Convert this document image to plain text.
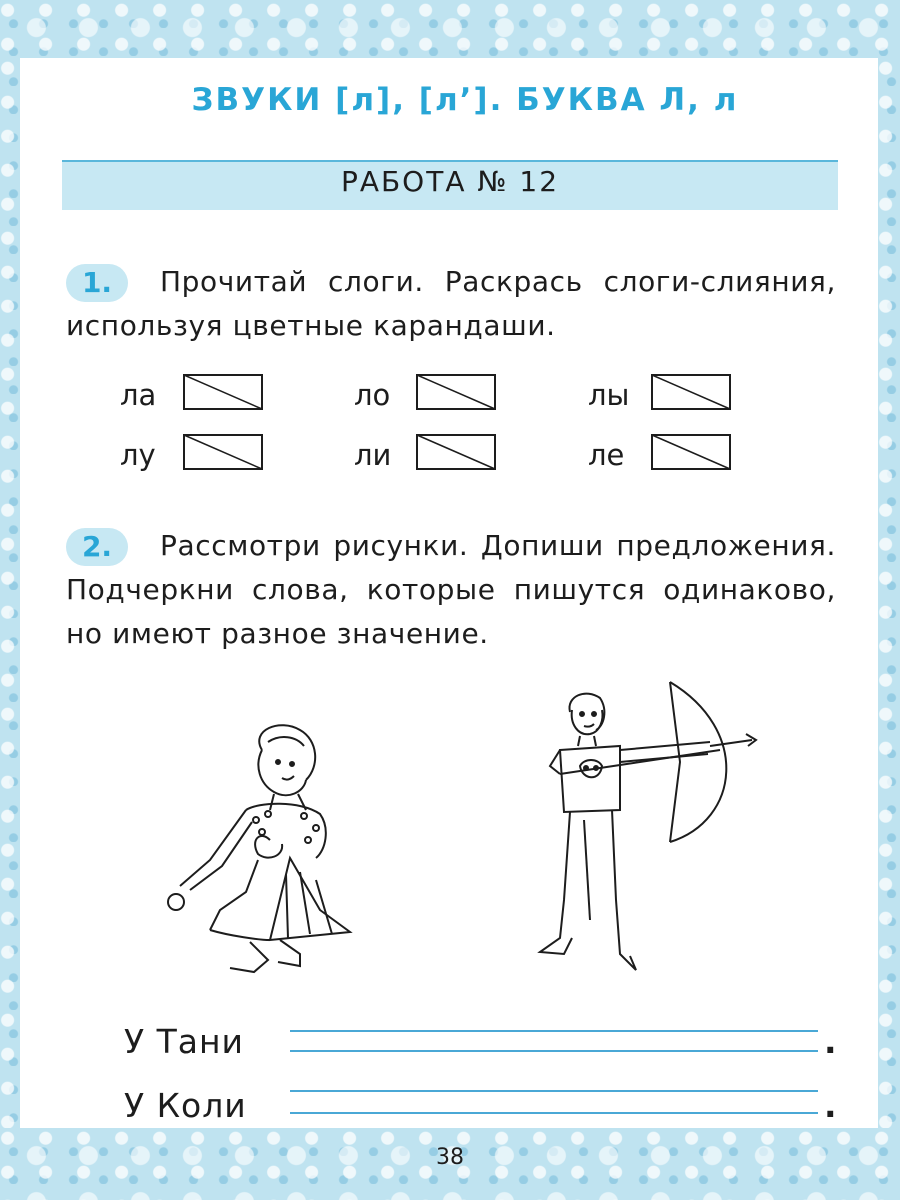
ЗВУКИ [л], [л’]. БУКВА Л, л
РАБОТА № 12
1.	Прочитай слоги. Раскрась слоги-слияния, используя цветные карандаши.
ла	ло	лы
лу	ли	ле
2.	Рассмотри рисунки. Допиши предложения. Подчеркни слова, которые пишутся одинаково, но имеют разное значение.
У Тани	.
У Коли	.
38
